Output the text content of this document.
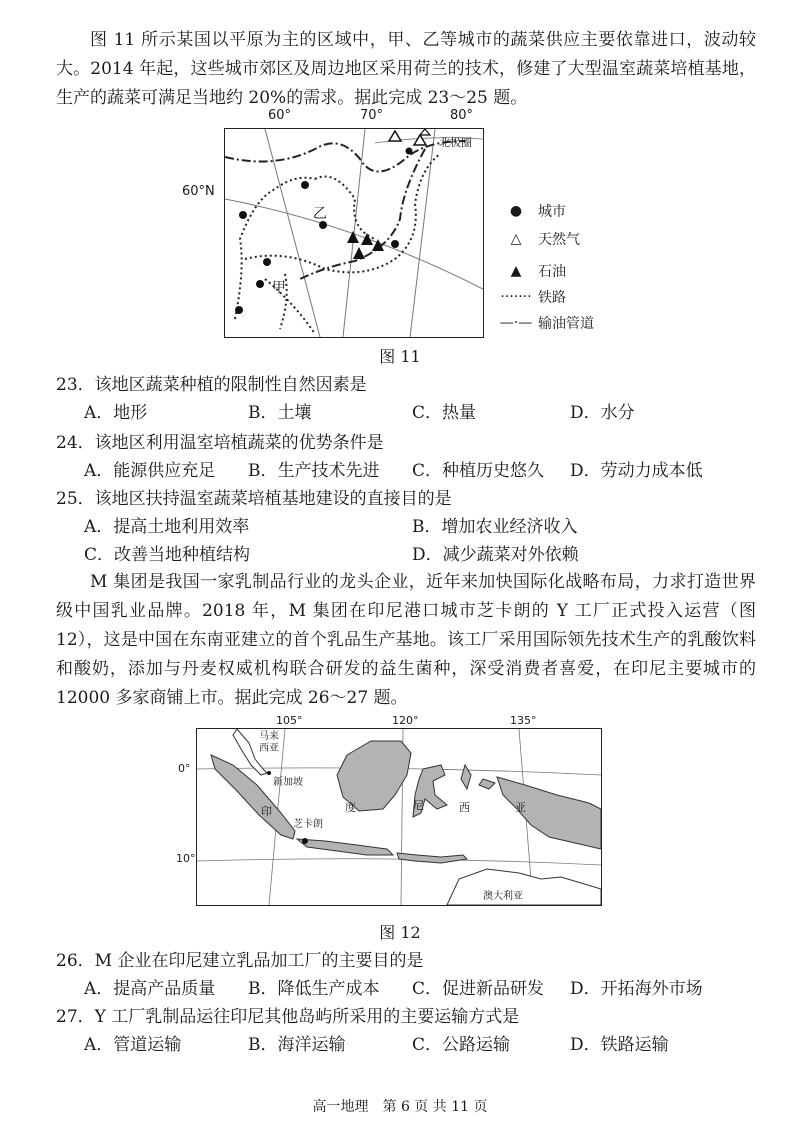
图 11 所示某国以平原为主的区域中，甲、乙等城市的蔬菜供应主要依靠进口，波动较大。2014 年起，这些城市郊区及周边地区采用荷兰的技术，修建了大型温室蔬菜培植基地，生产的蔬菜可满足当地约 20%的需求。据此完成 23～25 题。

60°	70°	80°
60°N
北极圈
乙
甲
●	城市
△	天然气
▲	石油
······· 铁路
—·— 输油管道
图 11
23．该地区蔬菜种植的限制性自然因素是
A．地形	B．土壤	C．热量	D．水分
24．该地区利用温室培植蔬菜的优势条件是
A．能源供应充足 B．生产技术先进 C．种植历史悠久 D．劳动力成本低
25．该地区扶持温室蔬菜培植基地建设的直接目的是
A．提高土地利用效率	B．增加农业经济收入
C．改善当地种植结构	D．减少蔬菜对外依赖

M 集团是我国一家乳制品行业的龙头企业，近年来加快国际化战略布局，力求打造世界级中国乳业品牌。2018 年，M 集团在印尼港口城市芝卡朗的 Y 工厂正式投入运营（图 12），这是中国在东南亚建立的首个乳品生产基地。该工厂采用国际领先技术生产的乳酸饮料和酸奶，添加与丹麦权威机构联合研发的益生菌种，深受消费者喜爱，在印尼主要城市的 12000 多家商铺上市。据此完成 26～27 题。

105°	120°	135°
0°
10°
马来
西亚
新加坡
印	度	尼	西	亚
芝卡朗
澳大利亚
图 12
26．M 企业在印尼建立乳品加工厂的主要目的是
A．提高产品质量 B．降低生产成本 C．促进新品研发 D．开拓海外市场
27．Y 工厂乳制品运往印尼其他岛屿所采用的主要运输方式是
A．管道运输	B．海洋运输	C．公路运输	D．铁路运输
高一地理　第 6 页 共 11 页
